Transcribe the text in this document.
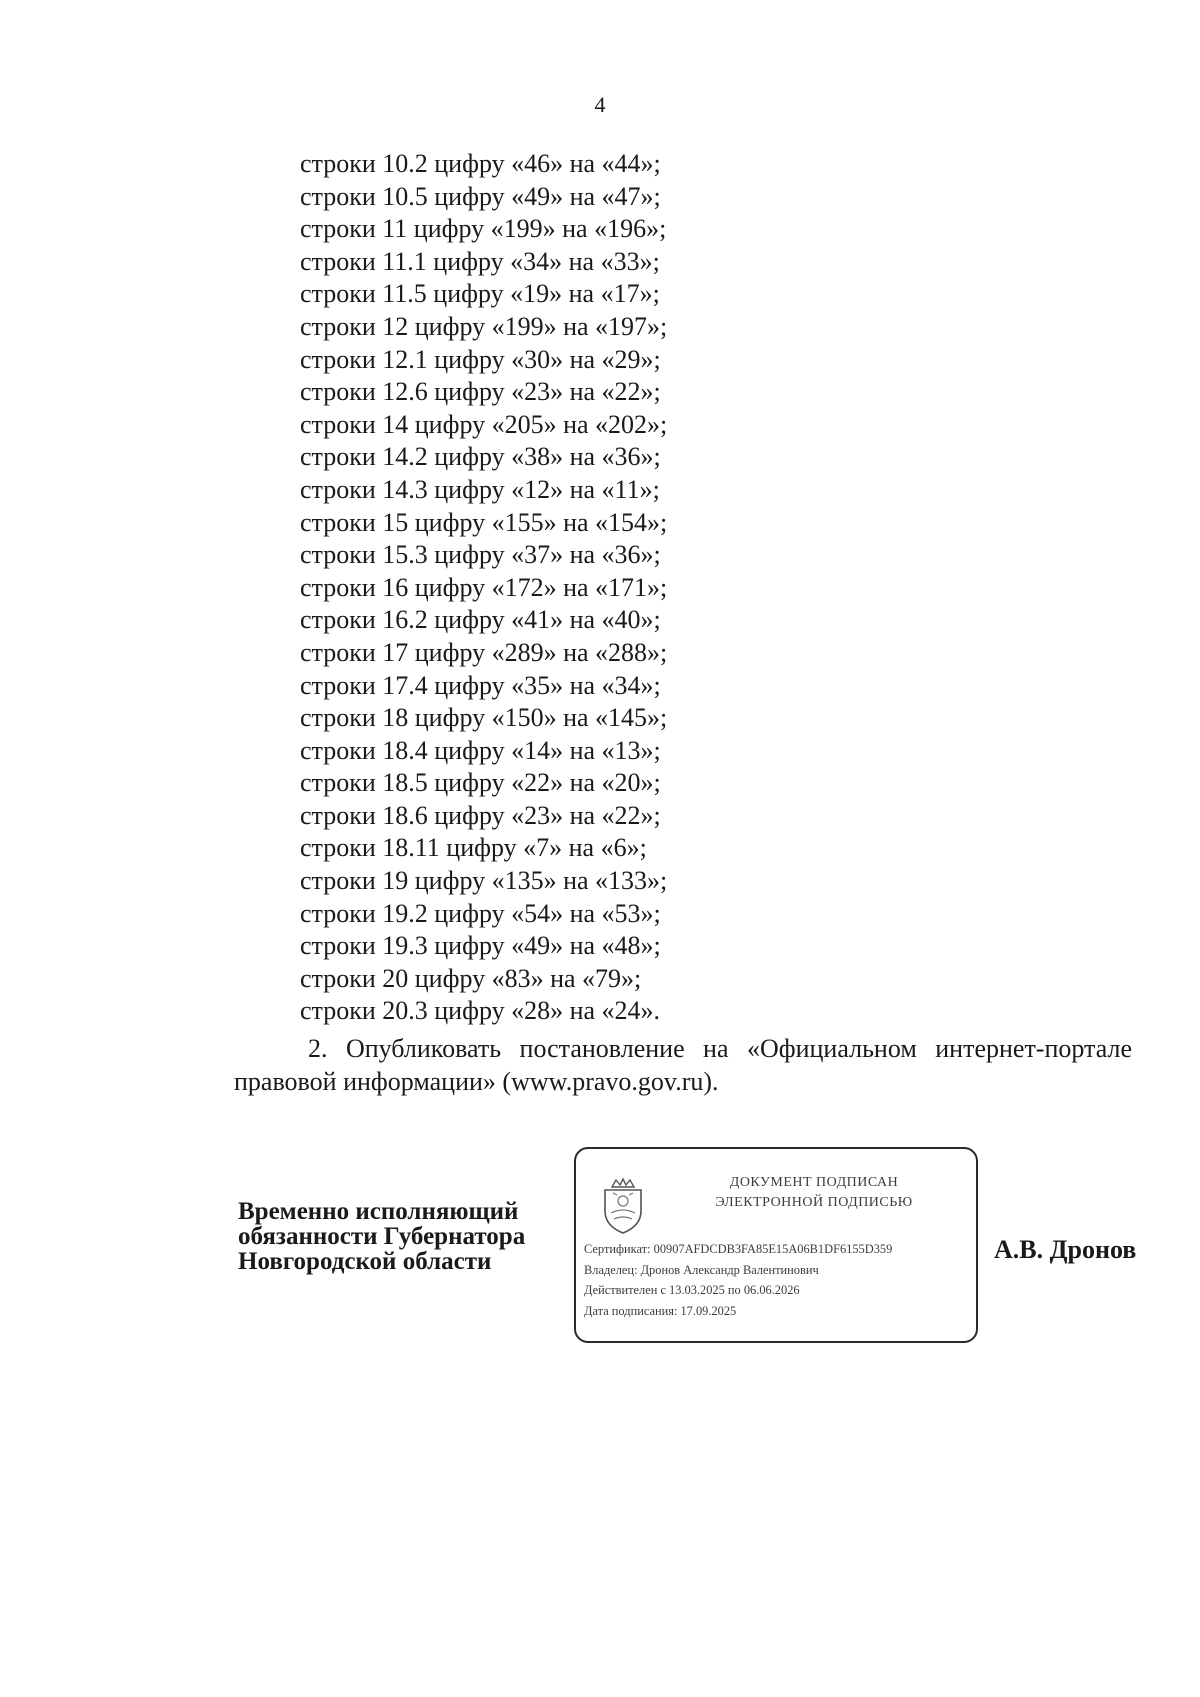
4
строки 10.2 цифру «46» на «44»;
строки 10.5 цифру «49» на «47»;
строки 11 цифру «199» на «196»;
строки 11.1 цифру «34» на «33»;
строки 11.5 цифру «19» на «17»;
строки 12 цифру «199» на «197»;
строки 12.1 цифру «30» на «29»;
строки 12.6 цифру «23» на «22»;
строки 14 цифру «205» на «202»;
строки 14.2 цифру «38» на «36»;
строки 14.3 цифру «12» на «11»;
строки 15 цифру «155» на «154»;
строки 15.3 цифру «37» на «36»;
строки 16 цифру «172» на «171»;
строки 16.2 цифру «41» на «40»;
строки 17 цифру «289» на «288»;
строки 17.4 цифру «35» на «34»;
строки 18 цифру «150» на «145»;
строки 18.4 цифру «14» на «13»;
строки 18.5 цифру «22» на «20»;
строки 18.6 цифру «23» на «22»;
строки 18.11 цифру «7» на «6»;
строки 19 цифру «135» на «133»;
строки 19.2 цифру «54» на «53»;
строки 19.3 цифру «49» на «48»;
строки 20 цифру «83» на «79»;
строки 20.3 цифру «28» на «24».

2. Опубликовать постановление на «Официальном интернет-портале правовой информации» (www.pravo.gov.ru).

Временно исполняющий
обязанности Губернатора
Новгородской области
ДОКУМЕНТ ПОДПИСАН
ЭЛЕКТРОННОЙ ПОДПИСЬЮ
Сертификат: 00907AFDCDB3FA85E15A06B1DF6155D359
Владелец: Дронов Александр Валентинович
Действителен с 13.03.2025 по 06.06.2026
Дата подписания: 17.09.2025
А.В. Дронов
